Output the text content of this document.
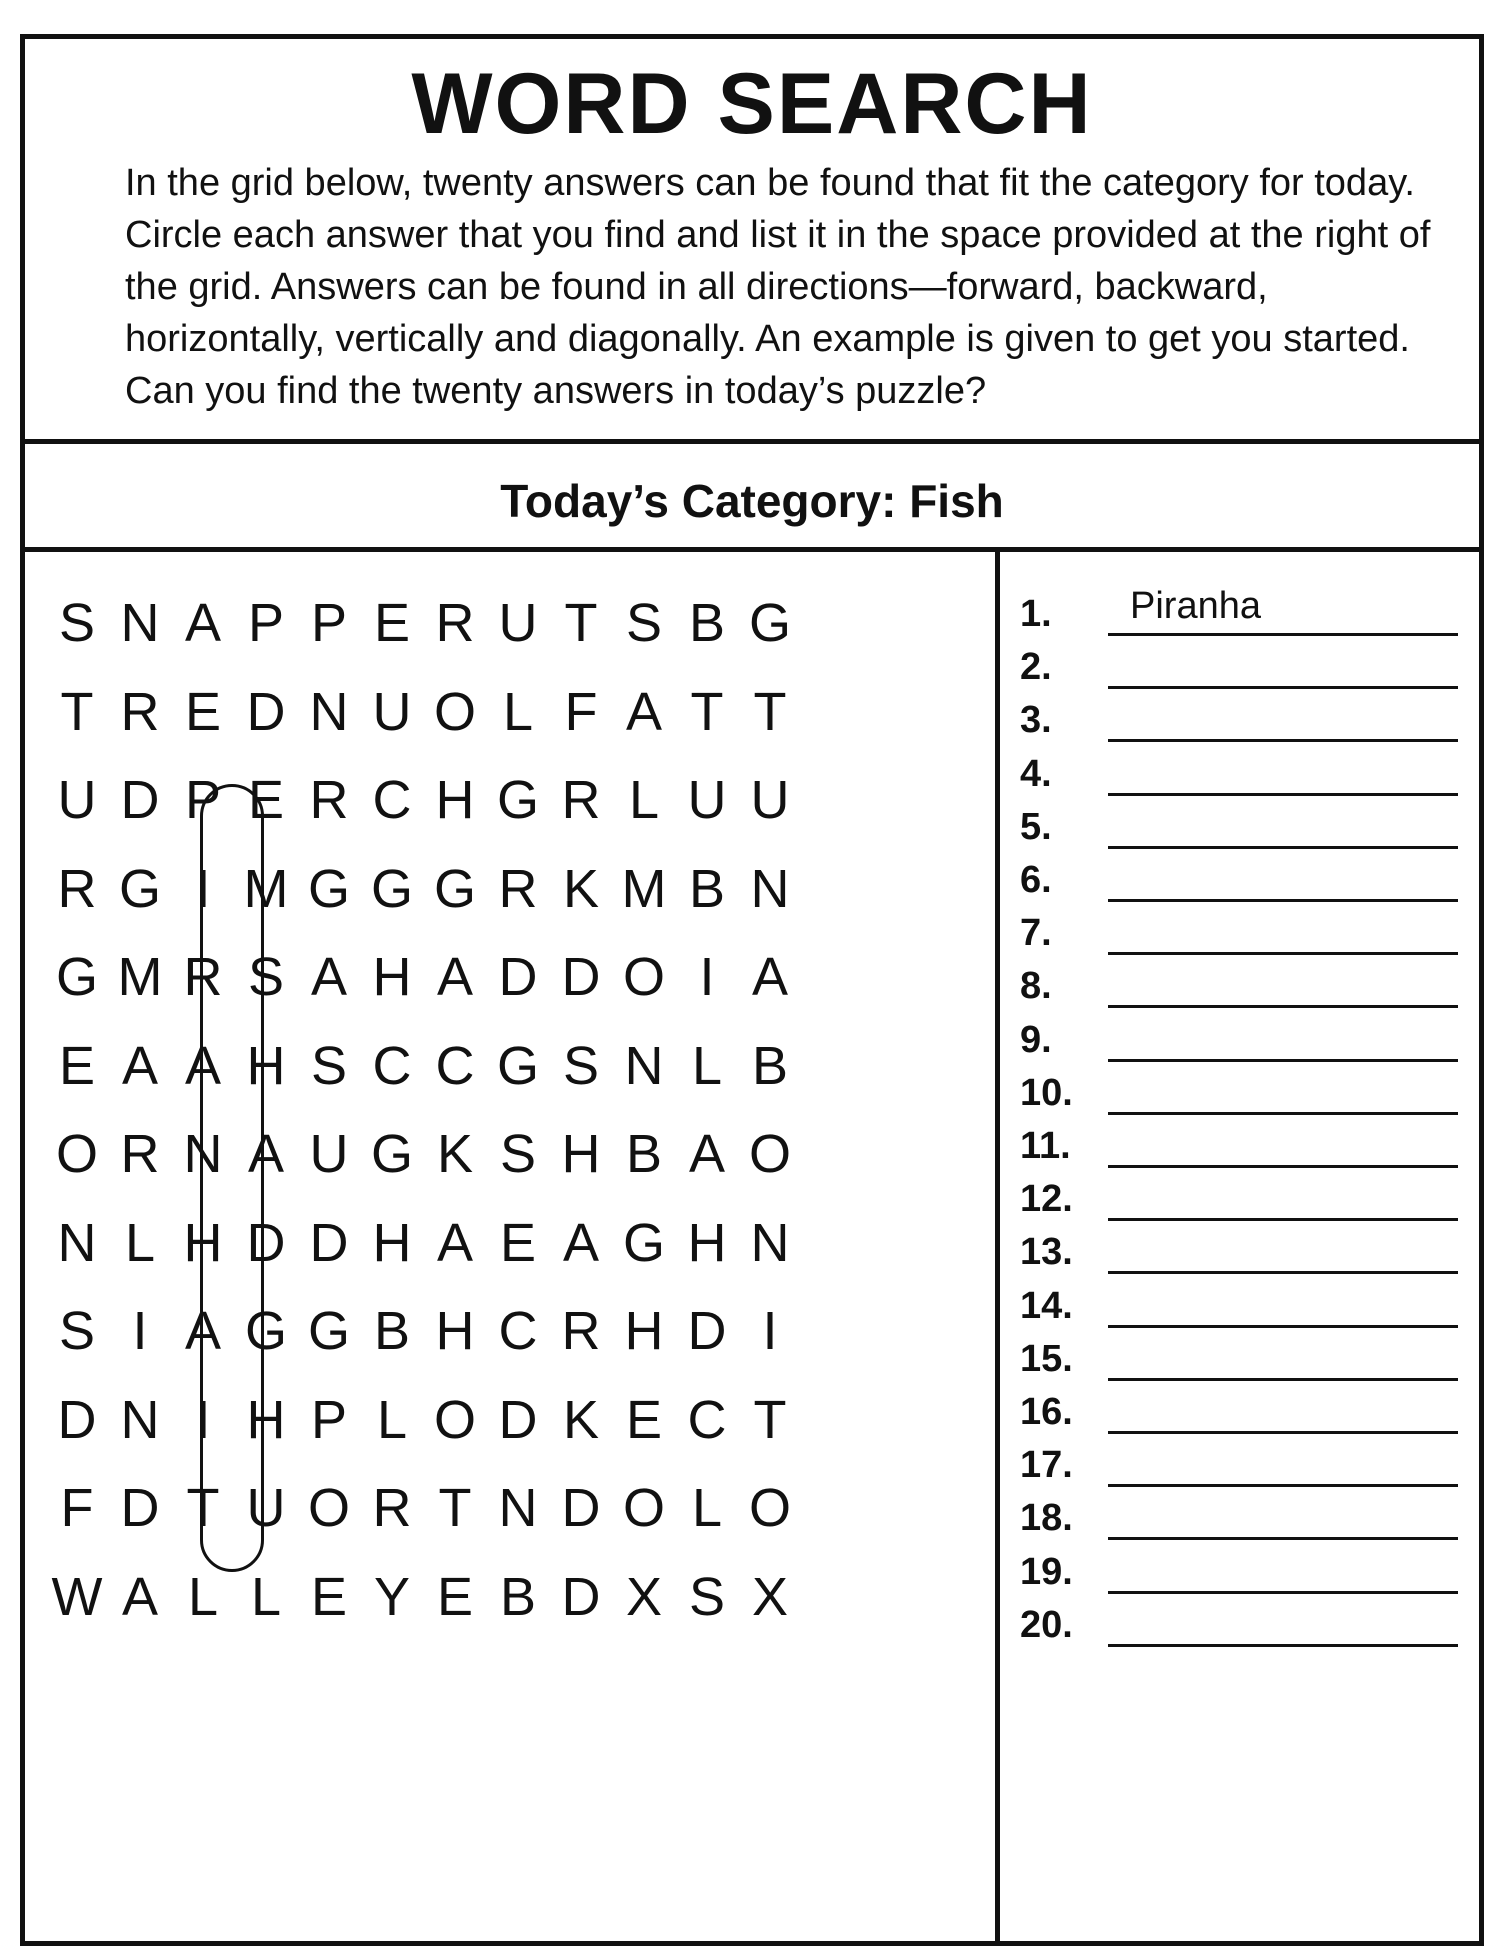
WORD SEARCH
In the grid below, twenty answers can be found that fit the category for today. Circle each answer that you find and list it in the space provided at the right of the grid. Answers can be found in all directions—forward, backward, horizontally, vertically and diagonally. An example is given to get you started. Can you find the twenty answers in today’s puzzle?
Today’s Category: Fish
S N A P P E R U T S B G
T R E D N U O L F A T T
U D P E R C H G R L U U
R G I M G G G R K M B N
G M R S A H A D D O I A
E A A H S C C G S N L B
O R N A U G K S H B A O
N L H D D H A E A G H N
S I A G G B H C R H D I
D N I H P L O D K E C T
F D T U O R T N D O L O
W A L L E Y E B D X S X
1. Piranha
2.
3.
4.
5.
6.
7.
8.
9.
10.
11.
12.
13.
14.
15.
16.
17.
18.
19.
20.
